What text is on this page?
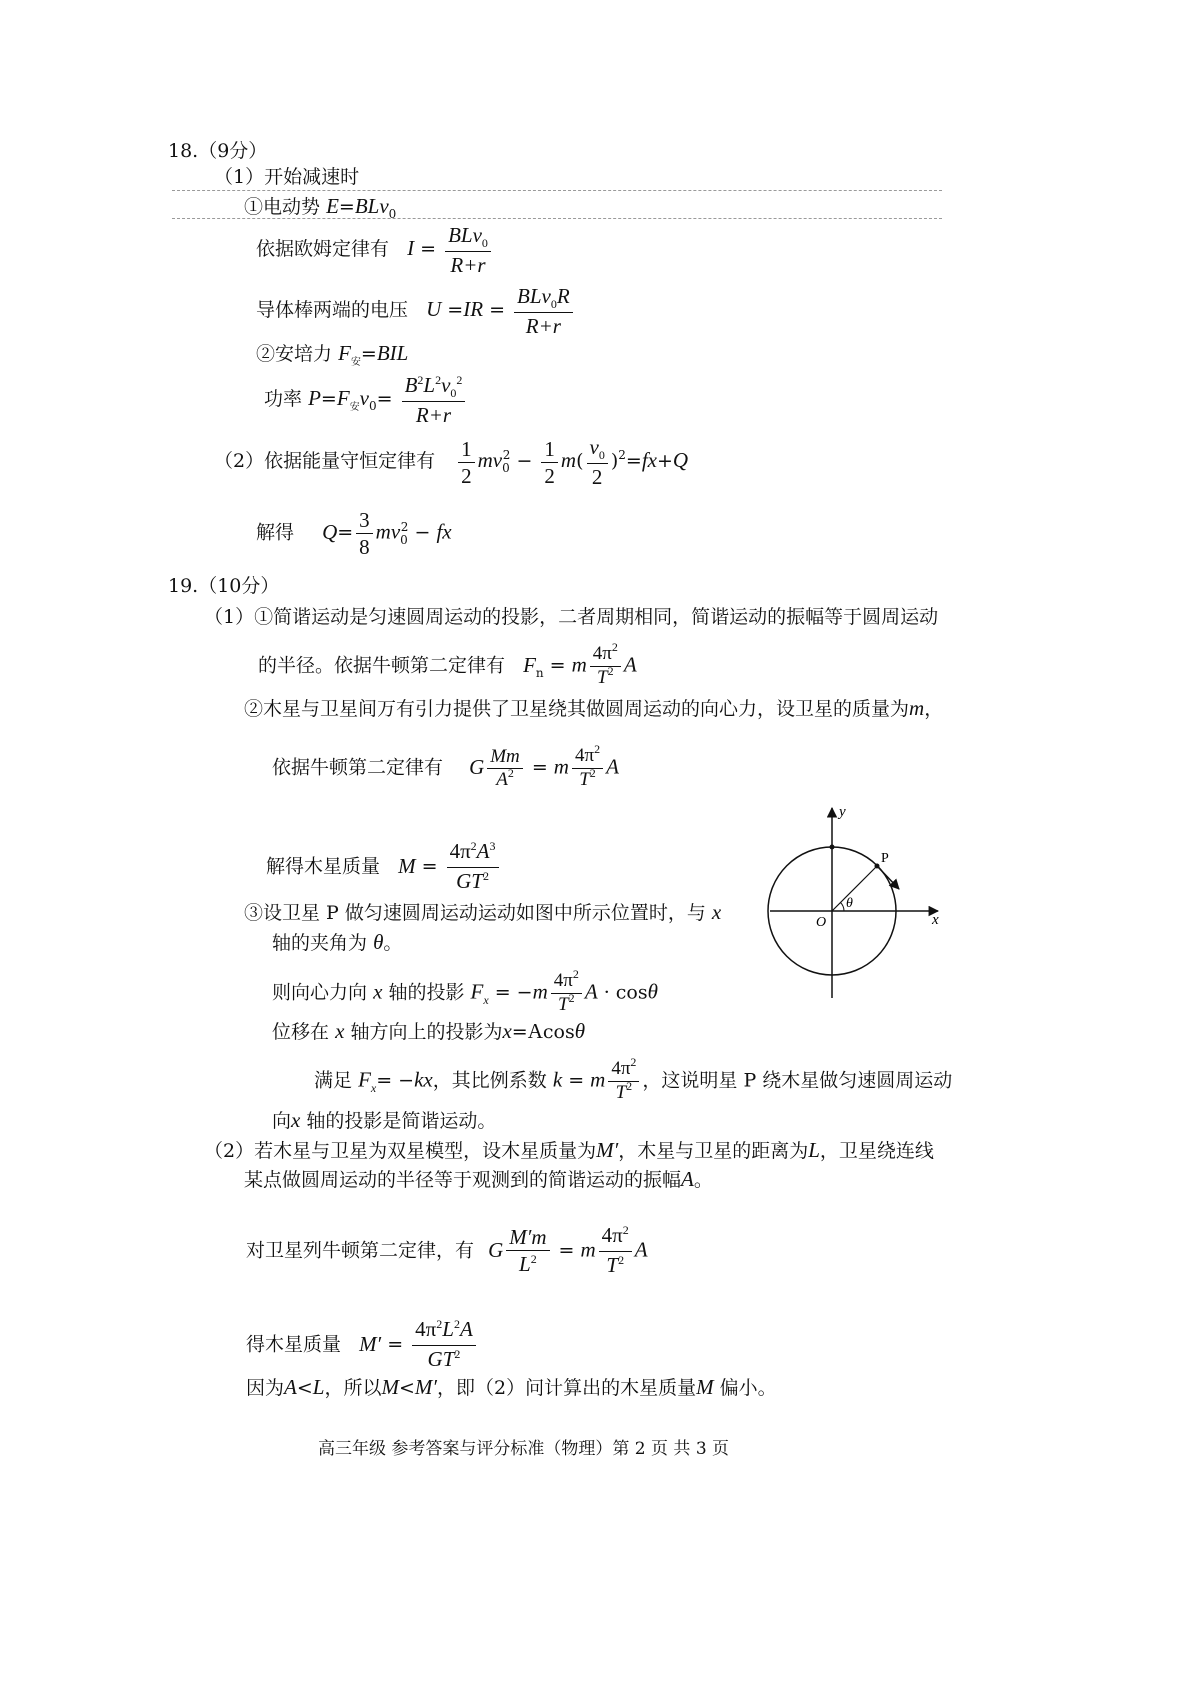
18.（9分）
（1）开始减速时
①电动势 E=BLv$_0$
依据欧姆定律有 $I = \frac{BLv_0}{R+r}$
导体棒两端的电压 $U =IR = \frac{BLv_0R}{R+r}$
②安培力 $F_安=BIL$
功率 $P=F_安v_0= \frac{B^2L^2v_0^2}{R+r}$
（2）依据能量守恒定律有 $\frac{1}{2} mv_0^2 - \frac{1}{2} m( \frac{v_0}{2} )^2=fx+Q$
解得 $Q= \frac{3}{8} mv_0^2$ − fx
19.（10分）
（1）①简谐运动是匀速圆周运动的投影，二者周期相同，简谐运动的振幅等于圆周运动
的半径。依据牛顿第二定律有 $F_n = m \frac{4\pi^2}{T^2}$ A
②木星与卫星间万有引力提供了卫星绕其做圆周运动的向心力，设卫星的质量为m，
依据牛顿第二定律有 G $\frac{Mm}{A^2} = m \frac{4\pi^2}{T^2}$ A
解得木星质量 $M = \frac{4\pi^2A^3}{GT^2}$
③设卫星 P 做匀速圆周运动运动如图中所示位置时，与 x
轴的夹角为 θ。
则向心力向 x 轴的投影 $F_x = -m \frac{4\pi^2}{T^2}$ A · cosθ
位移在 x 轴方向上的投影为x=Acosθ
满足 $F_x= -kx$，其比例系数 k = m $\frac{4\pi^2}{T^2}$ ，这说明星 P 绕木星做匀速圆周运动
向x 轴的投影是简谐运动。
（2）若木星与卫星为双星模型，设木星质量为M′，木星与卫星的距离为L，卫星绕连线
某点做圆周运动的半径等于观测到的简谐运动的振幅A。
对卫星列牛顿第二定律，有 G $\frac{M'm}{L^2} = m \frac{4\pi^2}{T^2}$ A
得木星质量 $M' = \frac{4\pi^2L^2A}{GT^2}$
因为A<L，所以M<M′，即（2）问计算出的木星质量M 偏小。
y
x
O
P
θ
高三年级 参考答案与评分标准（物理）第 2 页 共 3 页
